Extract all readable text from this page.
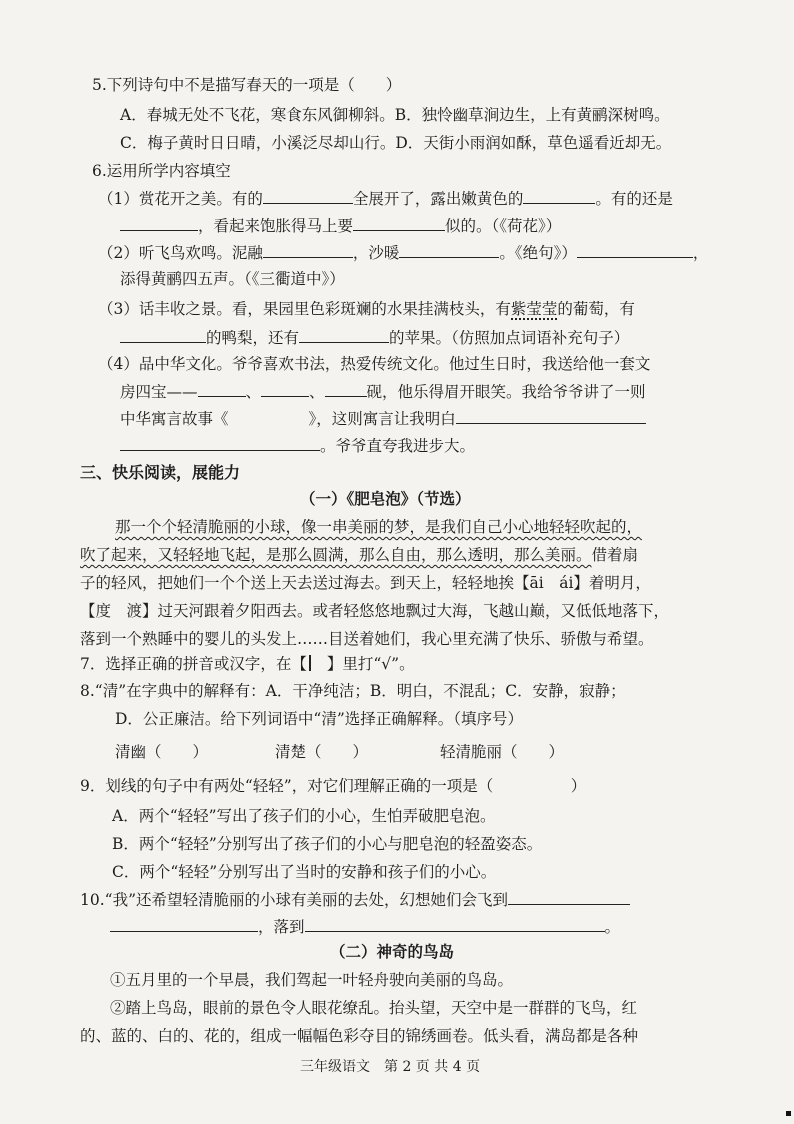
5.下列诗句中不是描写春天的一项是（　　）
A．春城无处不飞花，寒食东风御柳斜。B．独怜幽草涧边生，上有黄鹂深树鸣。
C．梅子黄时日日晴，小溪泛尽却山行。D．天街小雨润如酥，草色遥看近却无。
6.运用所学内容填空
（1）赏花开之美。有的	全展开了，露出嫩黄色的	。有的还是
，看起来饱胀得马上要	似的。（《荷花》）
（2）听飞鸟欢鸣。泥融	，沙暖	。《绝句》）	，
添得黄鹂四五声。（《三衢道中》）
（3）话丰收之景。看，果园里色彩斑斓的水果挂满枝头，有紫莹莹的葡萄，有
的鸭梨，还有	的苹果。（仿照加点词语补充句子）
（4）品中华文化。爷爷喜欢书法，热爱传统文化。他过生日时，我送给他一套文
房四宝——	、	、	砚，他乐得眉开眼笑。我给爷爷讲了一则
中华寓言故事《	》，这则寓言让我明白
。爷爷直夸我进步大。
三、快乐阅读，展能力
（一）《肥皂泡》（节选）
那一个个轻清脆丽的小球，像一串美丽的梦，是我们自己小心地轻轻吹起的，
吹了起来，又轻轻地飞起，是那么圆满，那么自由，那么透明，那么美丽。借着扇
子的轻风，把她们一个个送上天去送过海去。到天上，轻轻地挨【āi　ái】着明月，
【度　渡】过天河跟着夕阳西去。或者轻悠悠地飘过大海，飞越山巅，又低低地落下，
落到一个熟睡中的婴儿的头发上……目送着她们，我心里充满了快乐、骄傲与希望。
7．选择正确的拼音或汉字，在【 】里打“√”。
8.“清”在字典中的解释有：A．干净纯洁；B．明白，不混乱；C．安静，寂静；
D．公正廉洁。给下列词语中“清”选择正确解释。（填序号）
清幽（　　）	清楚（　　）	轻清脆丽（　　）
9．划线的句子中有两处“轻轻”，对它们理解正确的一项是（　　　　　）
A．两个“轻轻”写出了孩子们的小心，生怕弄破肥皂泡。
B．两个“轻轻”分别写出了孩子们的小心与肥皂泡的轻盈姿态。
C．两个“轻轻”分别写出了当时的安静和孩子们的小心。
10.“我”还希望轻清脆丽的小球有美丽的去处，幻想她们会飞到
，落到	。
（二）神奇的鸟岛
①五月里的一个早晨，我们驾起一叶轻舟驶向美丽的鸟岛。
②踏上鸟岛，眼前的景色令人眼花缭乱。抬头望，天空中是一群群的飞鸟，红
的、蓝的、白的、花的，组成一幅幅色彩夺目的锦绣画卷。低头看，满岛都是各种
三年级语文　第 2 页 共 4 页
